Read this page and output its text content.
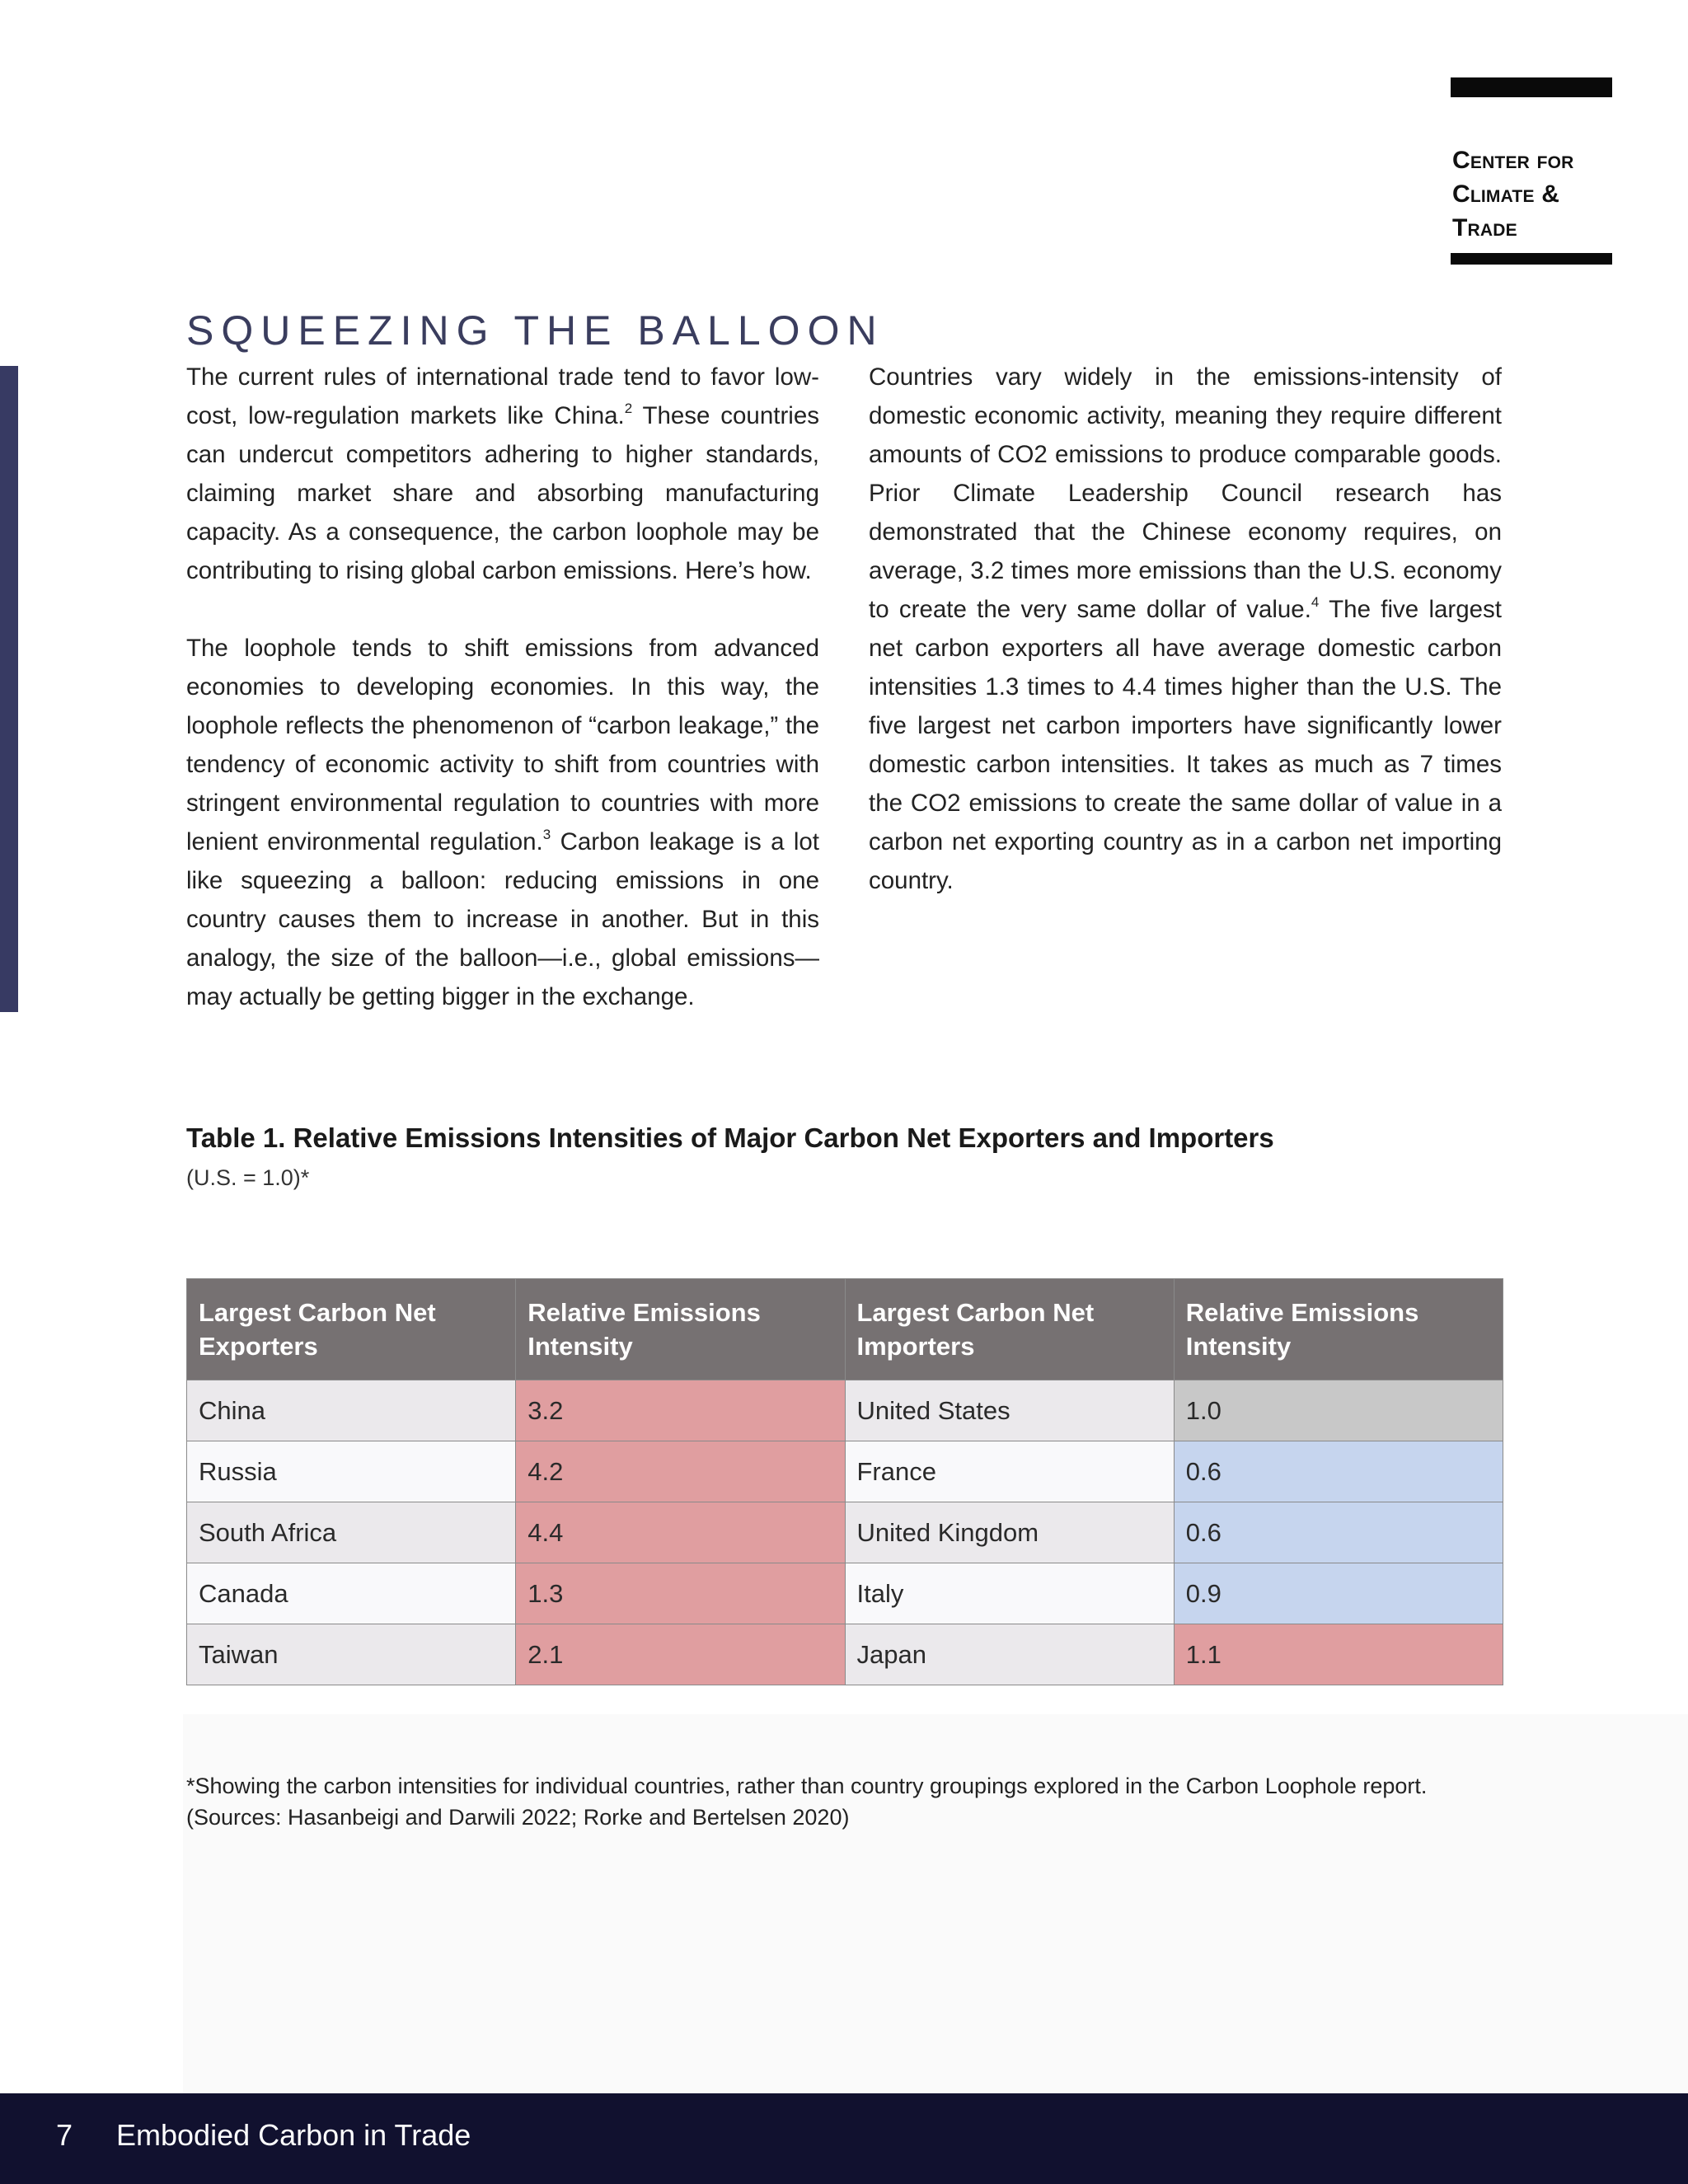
Center for
Climate &
Trade
SQUEEZING THE BALLOON

The current rules of international trade tend to favor low-cost, low-regulation markets like China.$^2$ These countries can undercut competitors adhering to higher standards, claiming market share and absorbing manufacturing capacity. As a consequence, the carbon loophole may be contributing to rising global carbon emissions. Here’s how.

The loophole tends to shift emissions from advanced economies to developing economies. In this way, the loophole reflects the phenomenon of “carbon leakage,” the tendency of economic activity to shift from countries with stringent environmental regulation to countries with more lenient environmental regulation.$^3$ Carbon leakage is a lot like squeezing a balloon: reducing emissions in one country causes them to increase in another. But in this analogy, the size of the balloon—i.e., global emissions—may actually be getting bigger in the exchange.

Countries vary widely in the emissions-intensity of domestic economic activity, meaning they require different amounts of CO2 emissions to produce comparable goods. Prior Climate Leadership Council research has demonstrated that the Chinese economy requires, on average, 3.2 times more emissions than the U.S. economy to create the very same dollar of value.$^4$ The five largest net carbon exporters all have average domestic carbon intensities 1.3 times to 4.4 times higher than the U.S. The five largest net carbon importers have significantly lower domestic carbon intensities. It takes as much as 7 times the CO2 emissions to create the same dollar of value in a carbon net exporting country as in a carbon net importing country.

Table 1. Relative Emissions Intensities of Major Carbon Net Exporters and Importers
(U.S. = 1.0)*
Largest Carbon Net Exporters	Relative Emissions Intensity	Largest Carbon Net Importers	Relative Emissions Intensity
China	3.2	United States	1.0
Russia	4.2	France	0.6
South Africa	4.4	United Kingdom	0.6
Canada	1.3	Italy	0.9
Taiwan	2.1	Japan	1.1
*Showing the carbon intensities for individual countries, rather than country groupings explored in the Carbon Loophole report.
(Sources: Hasanbeigi and Darwili 2022; Rorke and Bertelsen 2020)
7 Embodied Carbon in Trade
